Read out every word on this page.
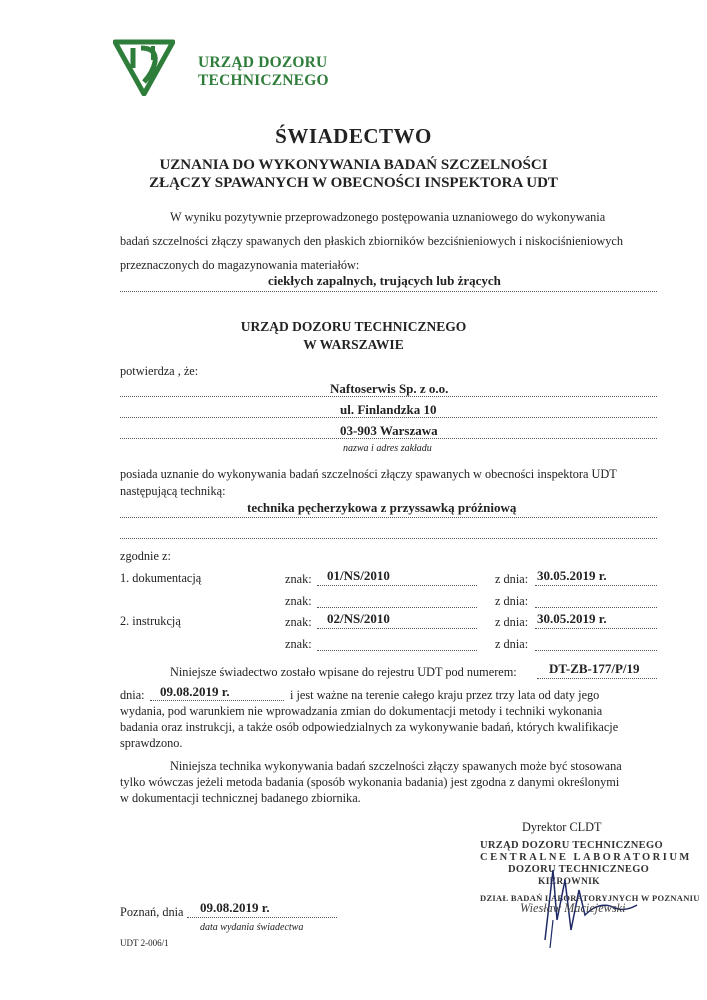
URZĄD DOZORU
TECHNICZNEGO
ŚWIADECTWO
UZNANIA DO WYKONYWANIA BADAŃ SZCZELNOŚCI
ZŁĄCZY SPAWANYCH W OBECNOŚCI INSPEKTORA UDT
W wyniku pozytywnie przeprowadzonego postępowania uznaniowego do wykonywania
badań szczelności złączy spawanych den płaskich zbiorników bezciśnieniowych i niskociśnieniowych
przeznaczonych do magazynowania materiałów:
ciekłych zapalnych, trujących lub żrących
URZĄD DOZORU TECHNICZNEGO
W WARSZAWIE
potwierdza , że:
Naftoserwis Sp. z o.o.
ul. Finlandzka 10
03-903 Warszawa
nazwa i adres zakładu
posiada uznanie do wykonywania badań szczelności złączy spawanych w obecności inspektora UDT
następującą techniką:
technika pęcherzykowa z przyssawką próżniową
zgodnie z:
1. dokumentacją	znak: 01/NS/2010	z dnia: 30.05.2019 r.
znak:	z dnia:
2. instrukcją	znak: 02/NS/2010	z dnia: 30.05.2019 r.
znak:	z dnia:
Niniejsze świadectwo zostało wpisane do rejestru UDT pod numerem: DT-ZB-177/P/19
dnia: 09.08.2019 r.	i jest ważne na terenie całego kraju przez trzy lata od daty jego
wydania, pod warunkiem nie wprowadzania zmian do dokumentacji metody i techniki wykonania
badania oraz instrukcji, a także osób odpowiedzialnych za wykonywanie badań, których kwalifikacje
sprawdzono.
Niniejsza technika wykonywania badań szczelności złączy spawanych może być stosowana
tylko wówczas jeżeli metoda badania (sposób wykonania badania) jest zgodna z danymi określonymi
w dokumentacji technicznej badanego zbiornika.
Dyrektor CLDT
URZĄD DOZORU TECHNICZNEGO
CENTRALNE LABORATORIUM
DOZORU TECHNICZNEGO
KIEROWNIK
DZIAŁ BADAŃ LABORATORYJNYCH W POZNANIU
Wiesław Maciejewski
Poznań, dnia 09.08.2019 r.
data wydania świadectwa
UDT 2-006/1
